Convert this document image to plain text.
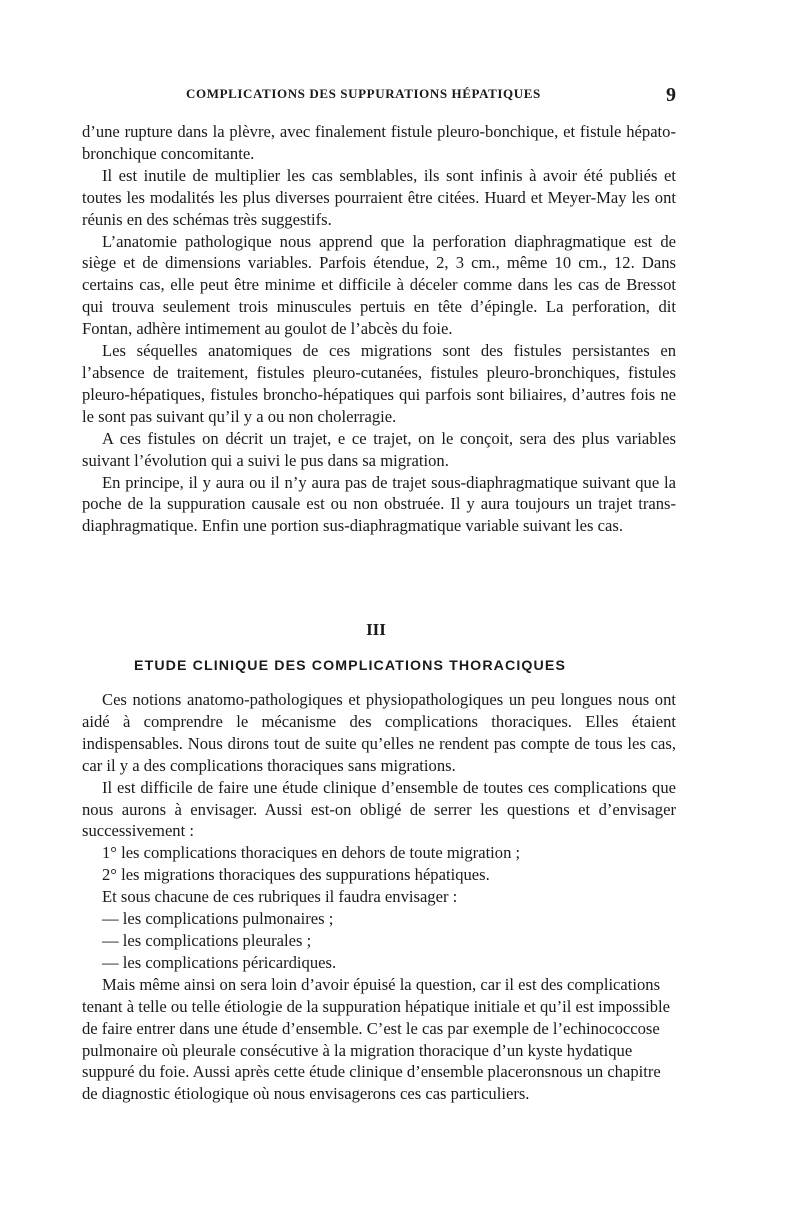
COMPLICATIONS DES SUPPURATIONS HÉPATIQUES	9

d’une rupture dans la plèvre, avec finalement fistule pleuro-bonchique, et fistule hépato-bronchique concomitante.

Il est inutile de multiplier les cas semblables, ils sont infinis à avoir été publiés et toutes les modalités les plus diverses pourraient être citées. Huard et Meyer-May les ont réunis en des schémas très suggestifs.

L’anatomie pathologique nous apprend que la perforation diaphragmatique est de siège et de dimensions variables. Parfois étendue, 2, 3 cm., même 10 cm., 12. Dans certains cas, elle peut être minime et difficile à déceler comme dans les cas de Bressot qui trouva seulement trois minuscules pertuis en tête d’épingle. La perforation, dit Fontan, adhère intimement au goulot de l’abcès du foie.

Les séquelles anatomiques de ces migrations sont des fistules persistantes en l’absence de traitement, fistules pleuro-cutanées, fistules pleuro-bronchiques, fistules pleuro-hépatiques, fistules broncho-hépatiques qui parfois sont biliaires, d’autres fois ne le sont pas suivant qu’il y a ou non cholerragie.

A ces fistules on décrit un trajet, e ce trajet, on le conçoit, sera des plus variables suivant l’évolution qui a suivi le pus dans sa migration.

En principe, il y aura ou il n’y aura pas de trajet sous-diaphragmatique suivant que la poche de la suppuration causale est ou non obstruée. Il y aura toujours un trajet trans-diaphragmatique. Enfin une portion sus-diaphragmatique variable suivant les cas.

III
ETUDE CLINIQUE DES COMPLICATIONS THORACIQUES

Ces notions anatomo-pathologiques et physiopathologiques un peu longues nous ont aidé à comprendre le mécanisme des complications thoraciques. Elles étaient indispensables. Nous dirons tout de suite qu’elles ne rendent pas compte de tous les cas, car il y a des complications thoraciques sans migrations.

Il est difficile de faire une étude clinique d’ensemble de toutes ces complications que nous aurons à envisager. Aussi est-on obligé de serrer les questions et d’envisager successivement :

1° les complications thoraciques en dehors de toute migration ;

2° les migrations thoraciques des suppurations hépatiques.

Et sous chacune de ces rubriques il faudra envisager :

— les complications pulmonaires ;

— les complications pleurales ;

— les complications péricardiques.

Mais même ainsi on sera loin d’avoir épuisé la question, car il est des complications tenant à telle ou telle étiologie de la suppuration hépatique initiale et qu’il est impossible de faire entrer dans une étude d’ensemble. C’est le cas par exemple de l’echinococcose pulmonaire où pleurale consécutive à la migration thoracique d’un kyste hydatique suppuré du foie. Aussi après cette étude clinique d’ensemble placeronsnous un chapitre de diagnostic étiologique où nous envisagerons ces cas particuliers.
